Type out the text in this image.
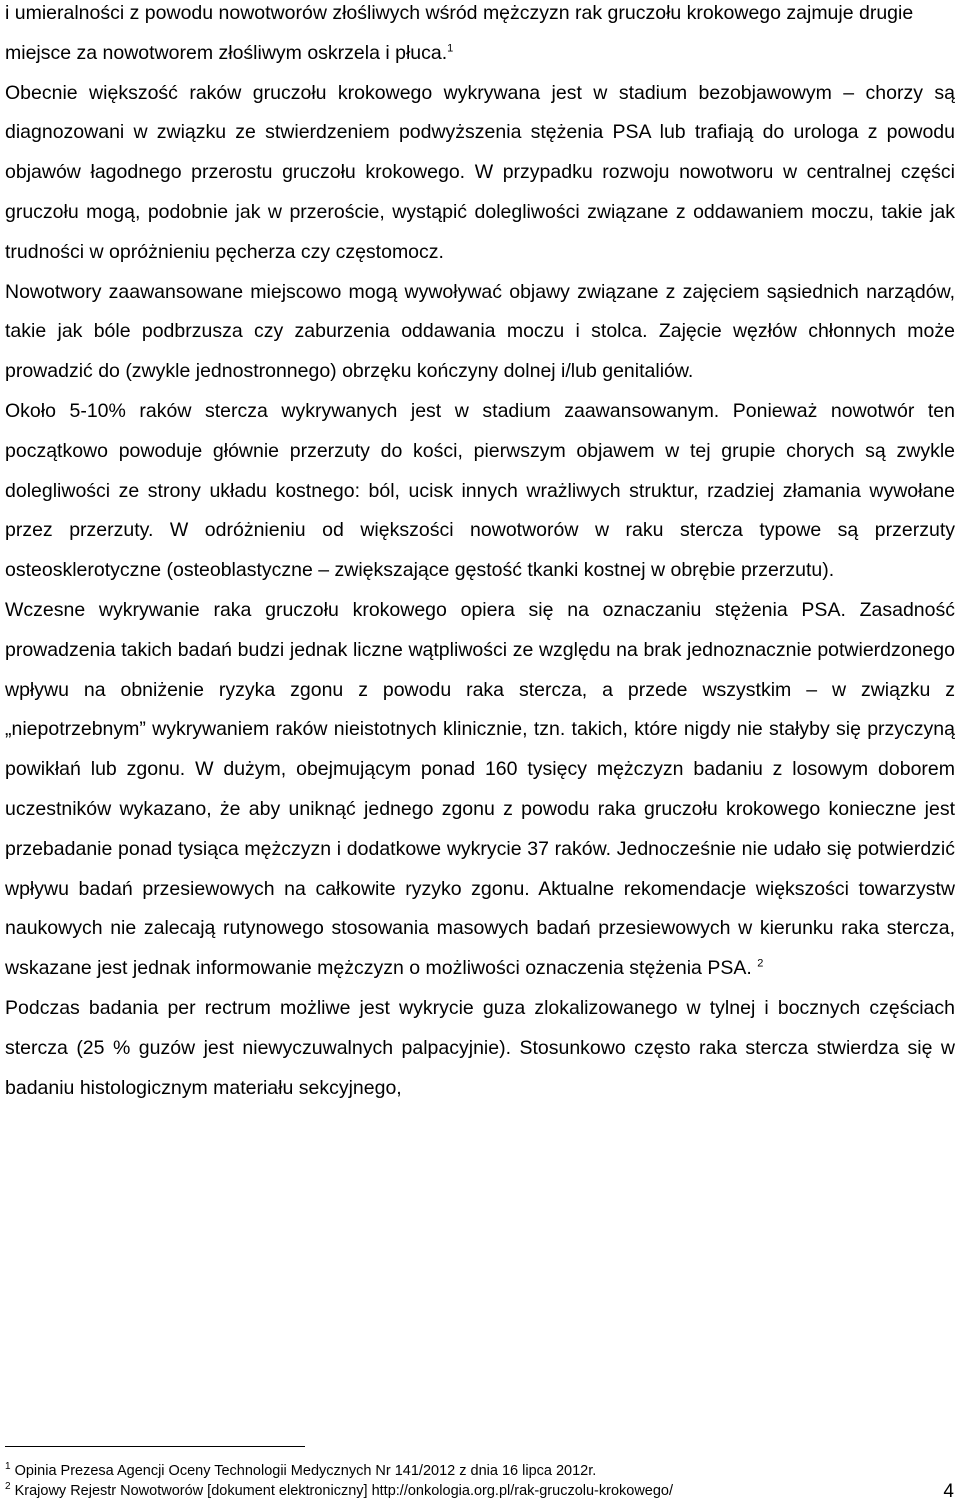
i umieralności z powodu nowotworów złośliwych wśród mężczyzn rak gruczołu krokowego zajmuje drugie miejsce za nowotworem złośliwym oskrzela i płuca.$^1$

Obecnie większość raków gruczołu krokowego wykrywana jest w stadium bezobjawowym – chorzy są diagnozowani w związku ze stwierdzeniem podwyższenia stężenia PSA lub trafiają do urologa z powodu objawów łagodnego przerostu gruczołu krokowego. W przypadku rozwoju nowotworu w centralnej części gruczołu mogą, podobnie jak w przeroście, wystąpić dolegliwości związane z oddawaniem moczu, takie jak trudności w opróżnieniu pęcherza czy częstomocz.

Nowotwory zaawansowane miejscowo mogą wywoływać objawy związane z zajęciem sąsiednich narządów, takie jak bóle podbrzusza czy zaburzenia oddawania moczu i stolca. Zajęcie węzłów chłonnych może prowadzić do (zwykle jednostronnego) obrzęku kończyny dolnej i/lub genitaliów.

Około 5-10% raków stercza wykrywanych jest w stadium zaawansowanym. Ponieważ nowotwór ten początkowo powoduje głównie przerzuty do kości, pierwszym objawem w tej grupie chorych są zwykle dolegliwości ze strony układu kostnego: ból, ucisk innych wrażliwych struktur, rzadziej złamania wywołane przez przerzuty. W odróżnieniu od większości nowotworów w raku stercza typowe są przerzuty osteosklerotyczne (osteoblastyczne – zwiększające gęstość tkanki kostnej w obrębie przerzutu).

Wczesne wykrywanie raka gruczołu krokowego opiera się na oznaczaniu stężenia PSA. Zasadność prowadzenia takich badań budzi jednak liczne wątpliwości ze względu na brak jednoznacznie potwierdzonego wpływu na obniżenie ryzyka zgonu z powodu raka stercza, a przede wszystkim – w związku z „niepotrzebnym” wykrywaniem raków nieistotnych klinicznie, tzn. takich, które nigdy nie stałyby się przyczyną powikłań lub zgonu. W dużym, obejmującym ponad 160 tysięcy mężczyzn badaniu z losowym doborem uczestników wykazano, że aby uniknąć jednego zgonu z powodu raka gruczołu krokowego konieczne jest przebadanie ponad tysiąca mężczyzn i dodatkowe wykrycie 37 raków. Jednocześnie nie udało się potwierdzić wpływu badań przesiewowych na całkowite ryzyko zgonu. Aktualne rekomendacje większości towarzystw naukowych nie zalecają rutynowego stosowania masowych badań przesiewowych w kierunku raka stercza, wskazane jest jednak informowanie mężczyzn o możliwości oznaczenia stężenia PSA. $^2$

Podczas badania per rectrum możliwe jest wykrycie guza zlokalizowanego w tylnej i bocznych częściach stercza (25 % guzów jest niewyczuwalnych palpacyjnie). Stosunkowo często raka stercza stwierdza się w badaniu histologicznym materiału sekcyjnego,

$^1$ Opinia Prezesa Agencji Oceny Technologii Medycznych Nr 141/2012 z dnia 16 lipca 2012r.

$^2$ Krajowy Rejestr Nowotworów [dokument elektroniczny] http://onkologia.org.pl/rak-gruczolu-krokowego/	4
